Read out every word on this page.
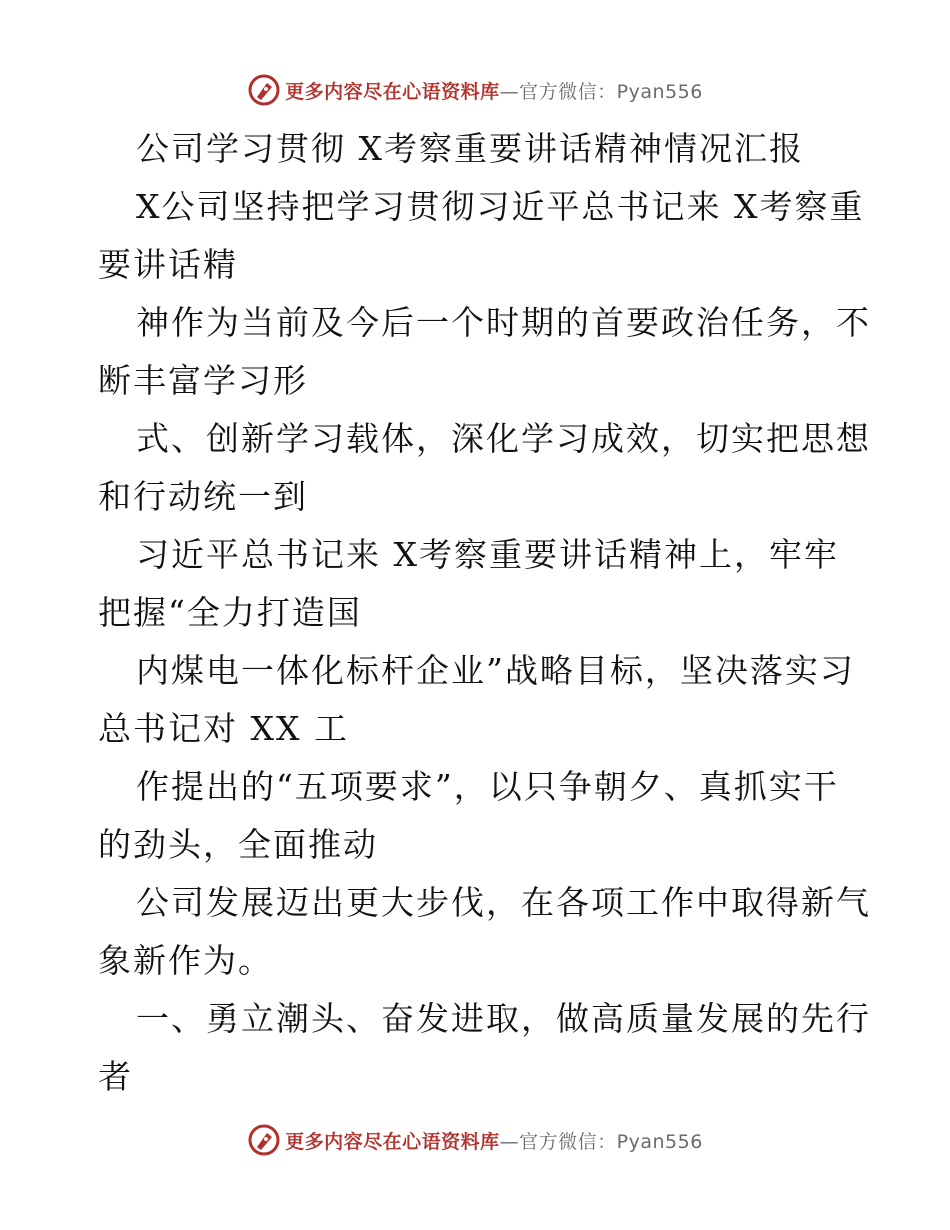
更多内容尽在心语资料库—官方微信：Pyan556
公司学习贯彻 X考察重要讲话精神情况汇报
X公司坚持把学习贯彻习近平总书记来 X考察重
要讲话精
神作为当前及今后一个时期的首要政治任务，不
断丰富学习形
式、创新学习载体，深化学习成效，切实把思想
和行动统一到
习近平总书记来 X考察重要讲话精神上，牢牢
把握“全力打造国
内煤电一体化标杆企业”战略目标，坚决落实习
总书记对 XX 工
作提出的“五项要求”，以只争朝夕、真抓实干
的劲头，全面推动
公司发展迈出更大步伐，在各项工作中取得新气
象新作为。
一、勇立潮头、奋发进取，做高质量发展的先行
者
更多内容尽在心语资料库—官方微信：Pyan556
